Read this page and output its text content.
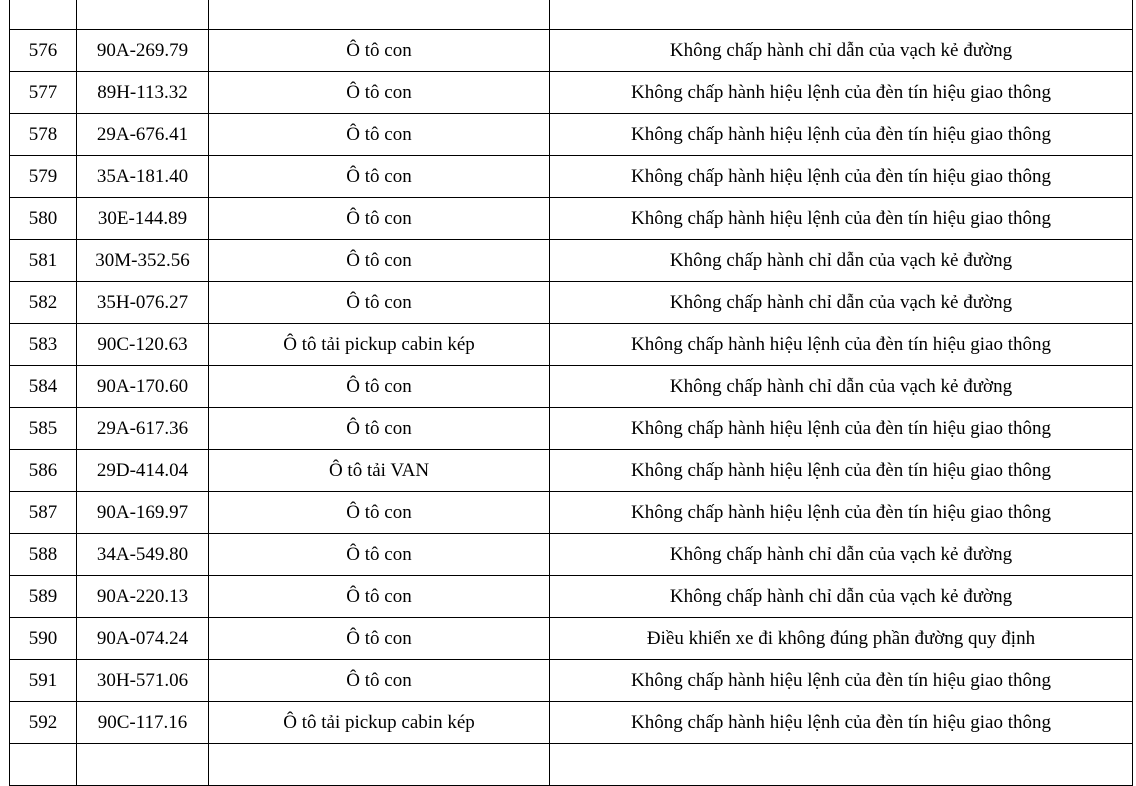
576	90A-269.79	Ô tô con	Không chấp hành chỉ dẫn của vạch kẻ đường
577	89H-113.32	Ô tô con	Không chấp hành hiệu lệnh của đèn tín hiệu giao thông
578	29A-676.41	Ô tô con	Không chấp hành hiệu lệnh của đèn tín hiệu giao thông
579	35A-181.40	Ô tô con	Không chấp hành hiệu lệnh của đèn tín hiệu giao thông
580	30E-144.89	Ô tô con	Không chấp hành hiệu lệnh của đèn tín hiệu giao thông
581	30M-352.56	Ô tô con	Không chấp hành chỉ dẫn của vạch kẻ đường
582	35H-076.27	Ô tô con	Không chấp hành chỉ dẫn của vạch kẻ đường
583	90C-120.63	Ô tô tải pickup cabin kép	Không chấp hành hiệu lệnh của đèn tín hiệu giao thông
584	90A-170.60	Ô tô con	Không chấp hành chỉ dẫn của vạch kẻ đường
585	29A-617.36	Ô tô con	Không chấp hành hiệu lệnh của đèn tín hiệu giao thông
586	29D-414.04	Ô tô tải VAN	Không chấp hành hiệu lệnh của đèn tín hiệu giao thông
587	90A-169.97	Ô tô con	Không chấp hành hiệu lệnh của đèn tín hiệu giao thông
588	34A-549.80	Ô tô con	Không chấp hành chỉ dẫn của vạch kẻ đường
589	90A-220.13	Ô tô con	Không chấp hành chỉ dẫn của vạch kẻ đường
590	90A-074.24	Ô tô con	Điều khiển xe đi không đúng phần đường quy định
591	30H-571.06	Ô tô con	Không chấp hành hiệu lệnh của đèn tín hiệu giao thông
592	90C-117.16	Ô tô tải pickup cabin kép	Không chấp hành hiệu lệnh của đèn tín hiệu giao thông
